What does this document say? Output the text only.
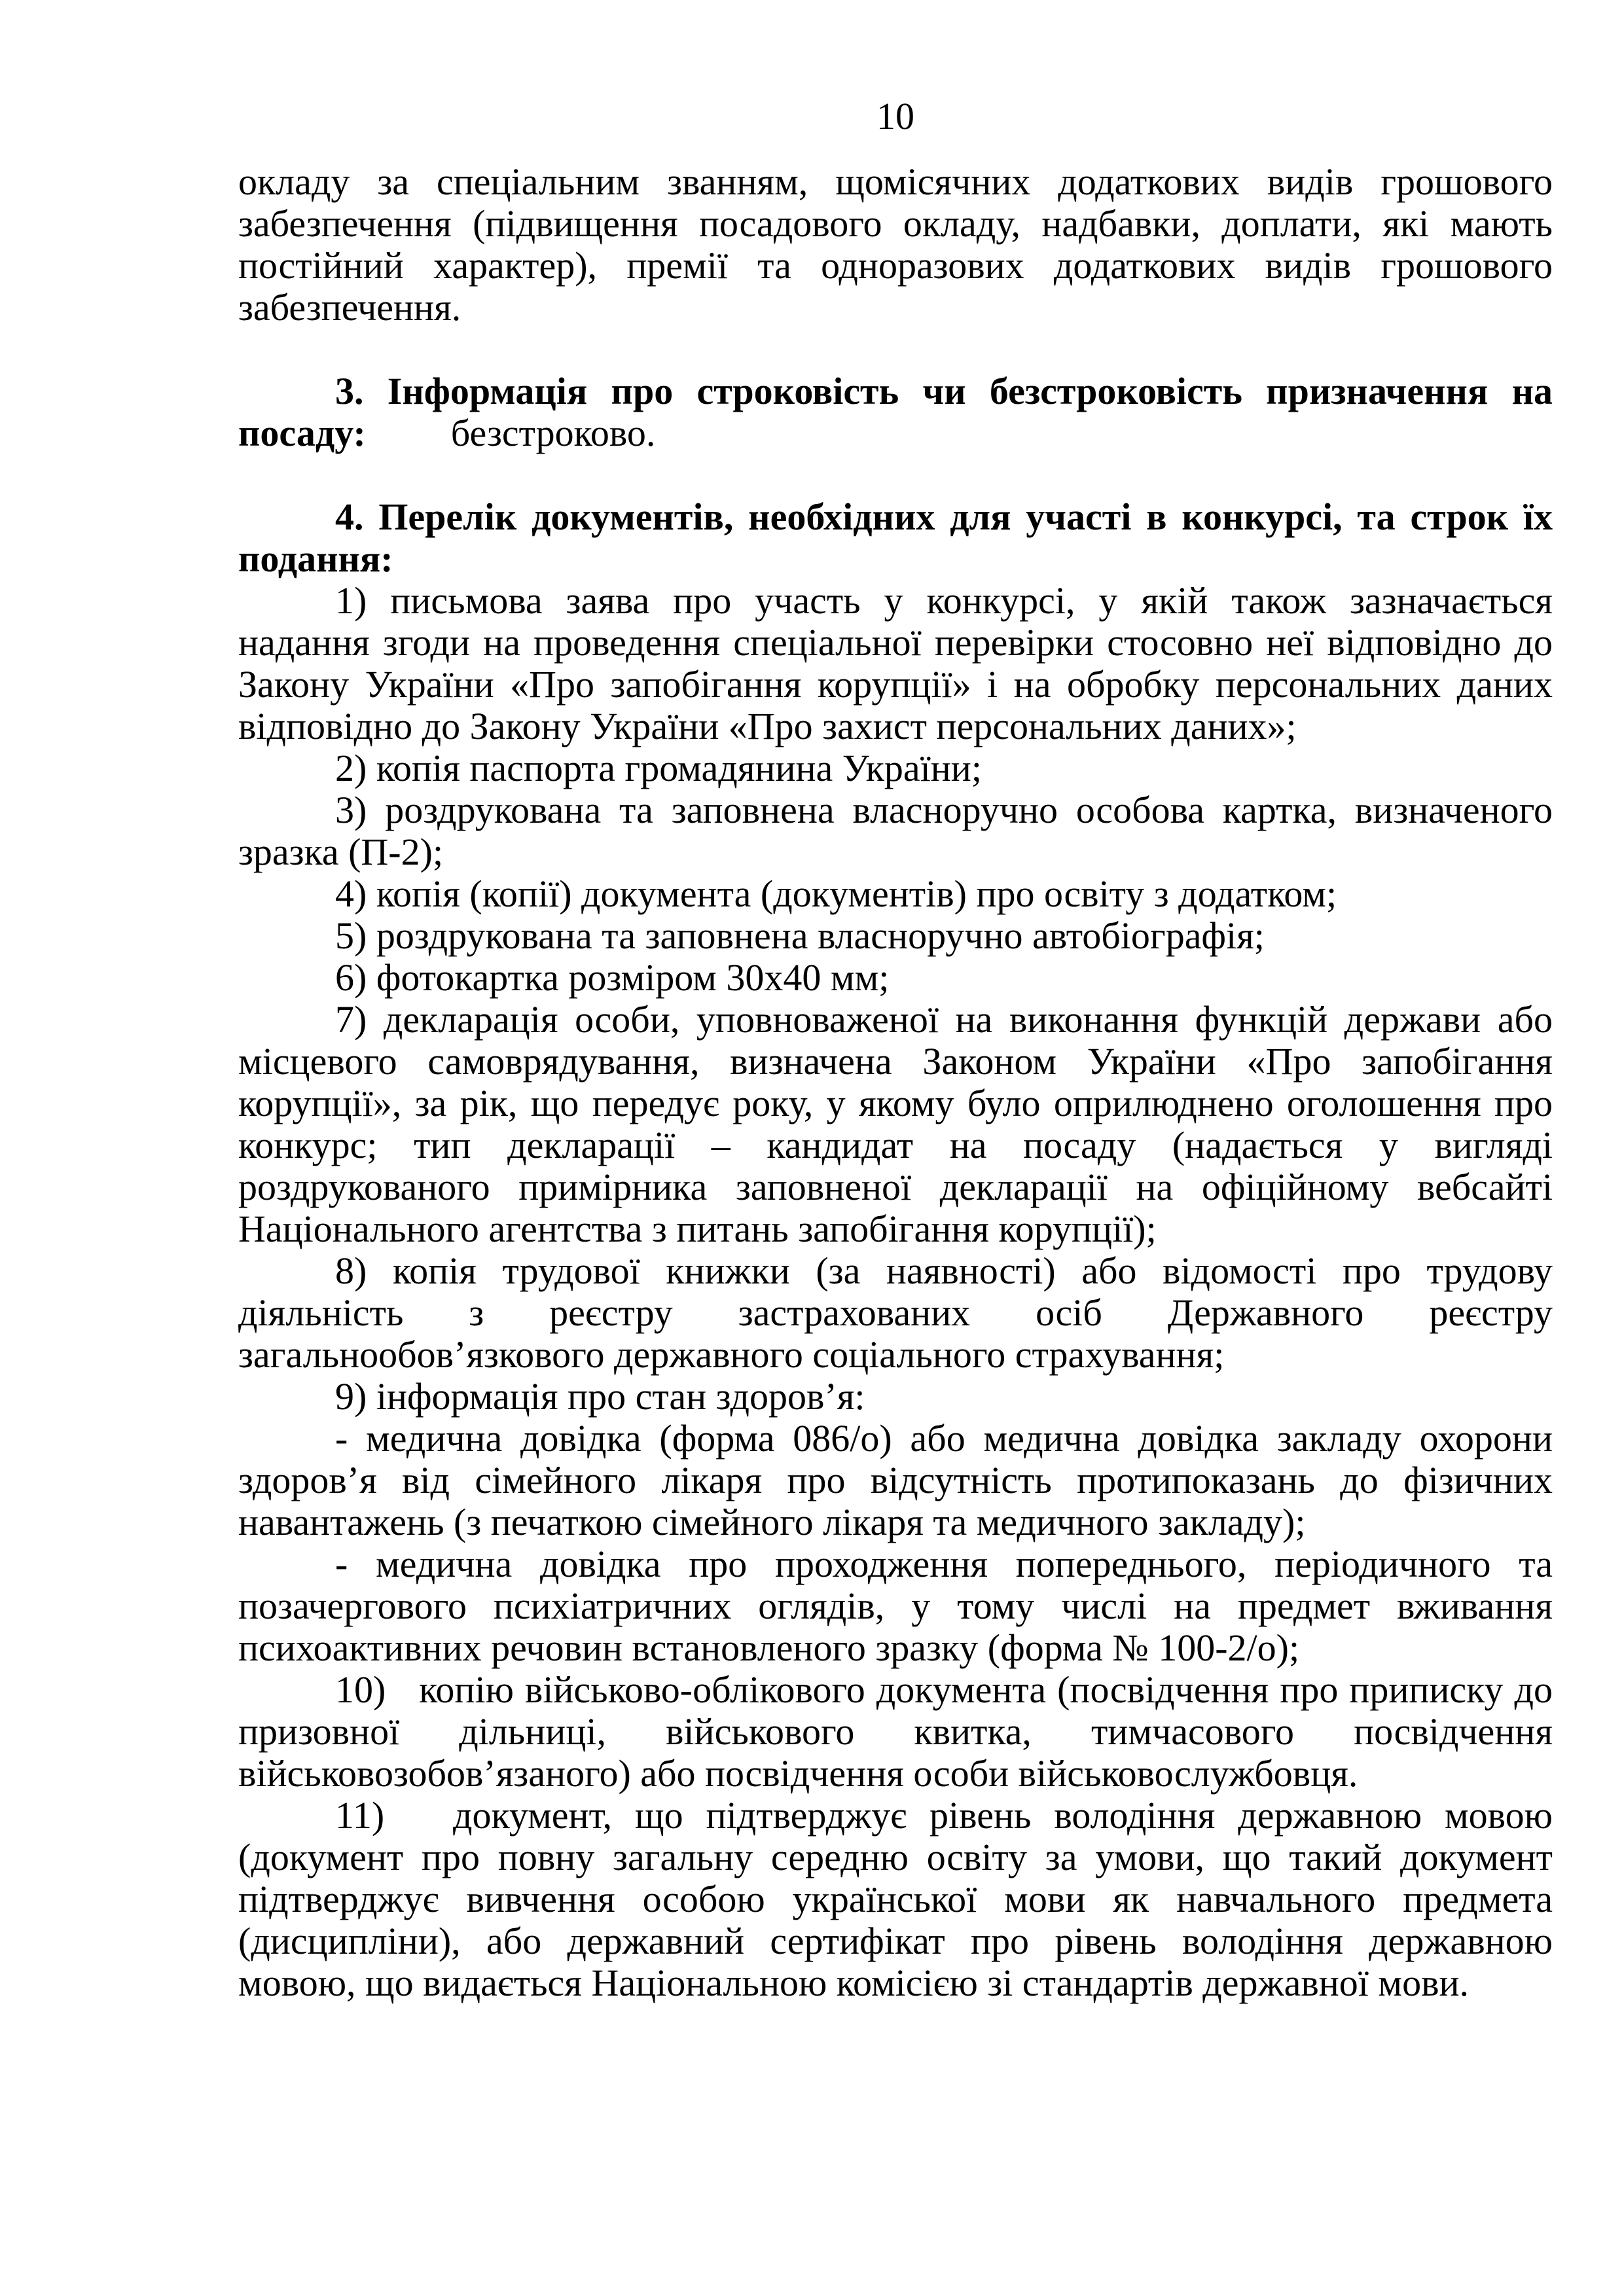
10

окладу за спеціальним званням, щомісячних додаткових видів грошового забезпечення (підвищення посадового окладу, надбавки, доплати, які мають постійний характер), премії та одноразових додаткових видів грошового забезпечення.

3. Інформація про строковість чи безстроковість призначення на посаду: безстроково.

4. Перелік документів, необхідних для участі в конкурсі, та строк їх подання:

1) письмова заява про участь у конкурсі, у якій також зазначається надання згоди на проведення спеціальної перевірки стосовно неї відповідно до Закону України «Про запобігання корупції» і на обробку персональних даних відповідно до Закону України «Про захист персональних даних»;

2) копія паспорта громадянина України;

3) роздрукована та заповнена власноручно особова картка, визначеного зразка (П-2);

4) копія (копії) документа (документів) про освіту з додатком;

5) роздрукована та заповнена власноручно автобіографія;

6) фотокартка розміром 30х40 мм;

7) декларація особи, уповноваженої на виконання функцій держави або місцевого самоврядування, визначена Законом України «Про запобігання корупції», за рік, що передує року, у якому було оприлюднено оголошення про конкурс; тип декларації – кандидат на посаду (надається у вигляді роздрукованого примірника заповненої декларації на офіційному вебсайті Національного агентства з питань запобігання корупції);

8) копія трудової книжки (за наявності) або відомості про трудову діяльність з реєстру застрахованих осіб Державного реєстру загальнообов’язкового державного соціального страхування;

9) інформація про стан здоров’я:

- медична довідка (форма 086/о) або медична довідка закладу охорони здоров’я від сімейного лікаря про відсутність протипоказань до фізичних навантажень (з печаткою сімейного лікаря та медичного закладу);

- медична довідка про проходження попереднього, періодичного та позачергового психіатричних оглядів, у тому числі на предмет вживання психоактивних речовин встановленого зразку (форма № 100-2/о);

10)   копію військово-облікового документа (посвідчення про приписку до призовної дільниці, військового квитка, тимчасового посвідчення військовозобов’язаного) або посвідчення особи військовослужбовця.

11)   документ, що підтверджує рівень володіння державною мовою (документ про повну загальну середню освіту за умови, що такий документ підтверджує вивчення особою української мови як навчального предмета (дисципліни), або державний сертифікат про рівень володіння державною мовою, що видається Національною комісією зі стандартів державної мови.
